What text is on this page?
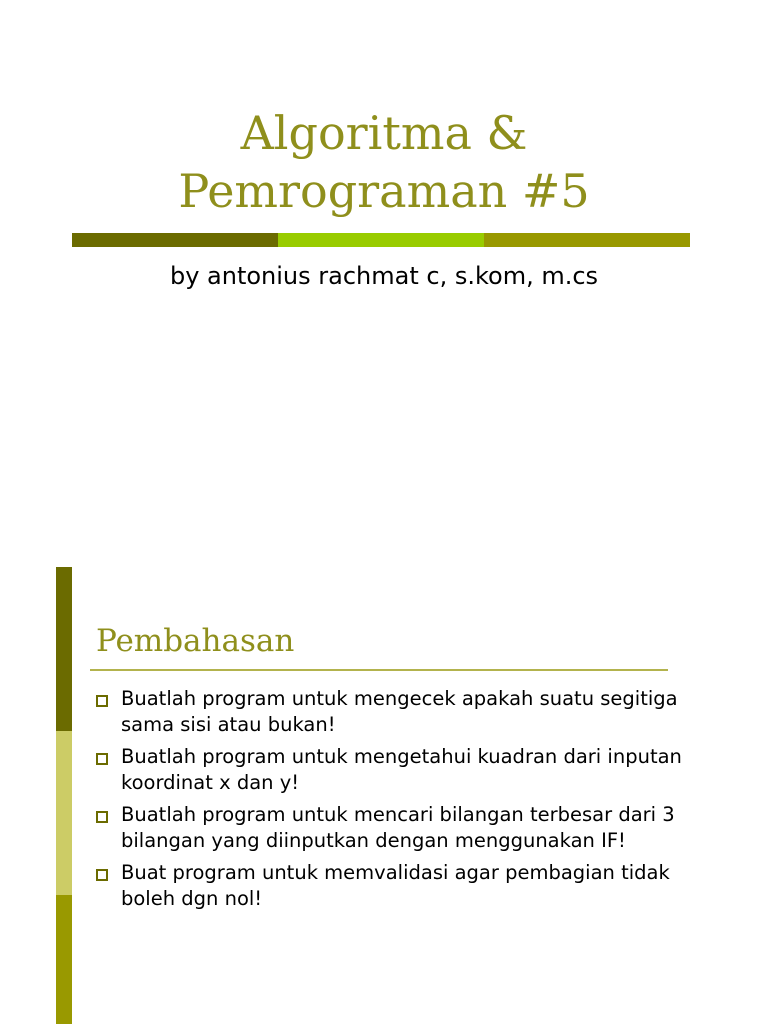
Algoritma &
Pemrograman #5

by antonius rachmat c, s.kom, m.cs

Pembahasan
Buatlah program untuk mengecek apakah suatu segitiga sama sisi atau bukan!
Buatlah program untuk mengetahui kuadran dari inputan koordinat x dan y!
Buatlah program untuk mencari bilangan terbesar dari 3 bilangan yang diinputkan dengan menggunakan IF!
Buat program untuk memvalidasi agar pembagian tidak boleh dgn nol!
